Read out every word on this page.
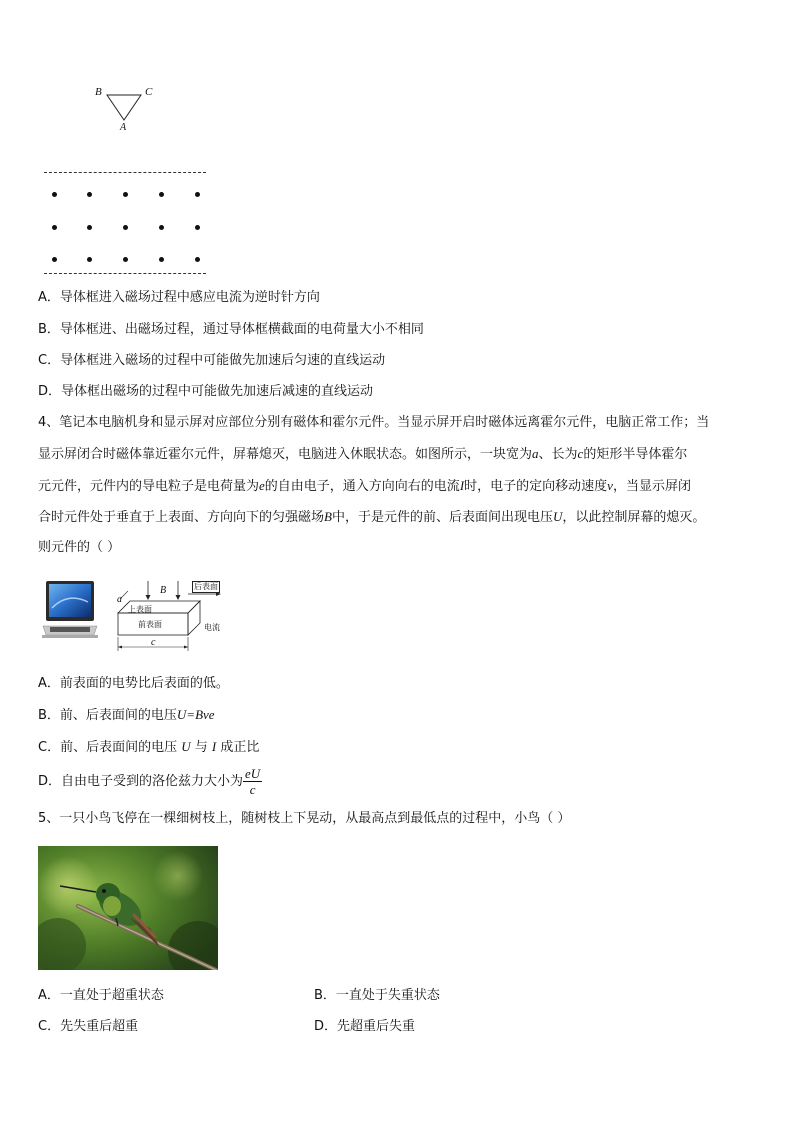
B	C
A
A．导体框进入磁场过程中感应电流为逆时针方向
B．导体框进、出磁场过程，通过导体框横截面的电荷量大小不相同
C．导体框进入磁场的过程中可能做先加速后匀速的直线运动
D．导体框出磁场的过程中可能做先加速后减速的直线运动
4、笔记本电脑机身和显示屏对应部位分别有磁体和霍尔元件。当显示屏开启时磁体远离霍尔元件，电脑正常工作；当
显示屏闭合时磁体靠近霍尔元件，屏幕熄灭，电脑进入休眠状态。如图所示，一块宽为a、长为c的矩形半导体霍尔
元元件，元件内的导电粒子是电荷量为e的自由电子，通入方向向右的电流I时，电子的定向移动速度v，当显示屏闭
合时元件处于垂直于上表面、方向向下的匀强磁场B中，于是元件的前、后表面间出现电压U，以此控制屏幕的熄灭。
则元件的（ ）
后表面
上表面
前表面	电流
B
a
c
A．前表面的电势比后表面的低。
B．前、后表面间的电压U=Bve
C．前、后表面间的电压 U 与 I 成正比
D．自由电子受到的洛伦兹力大小为 $\frac{eU}{c}$
5、一只小鸟飞停在一棵细树枝上，随树枝上下晃动，从最高点到最低点的过程中，小鸟（ ）
A．一直处于超重状态	B．一直处于失重状态
C．先失重后超重	D．先超重后失重
